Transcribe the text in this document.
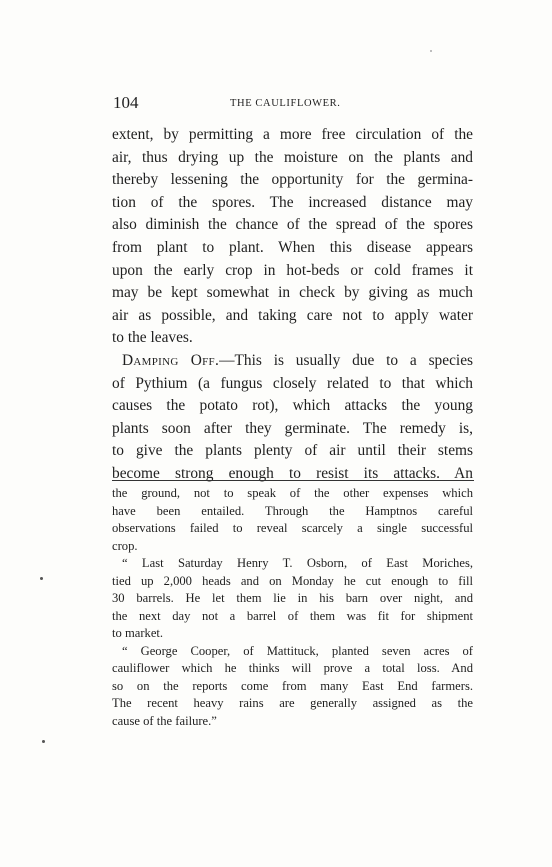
104	THE CAULIFLOWER.
extent, by permitting a more free circulation of the
air, thus drying up the moisture on the plants and
thereby lessening the opportunity for the germina-
tion of the spores. The increased distance may
also diminish the chance of the spread of the spores
from plant to plant. When this disease appears
upon the early crop in hot-beds or cold frames it
may be kept somewhat in check by giving as much
air as possible, and taking care not to apply water
to the leaves.
Damping Off.—This is usually due to a species
of Pythium (a fungus closely related to that which
causes the potato rot), which attacks the young
plants soon after they germinate. The remedy is,
to give the plants plenty of air until their stems
become strong enough to resist its attacks. An
the ground, not to speak of the other expenses which
have been entailed. Through the Hamptnos careful
observations failed to reveal scarcely a single successful
crop.
“ Last Saturday Henry T. Osborn, of East Moriches,
tied up 2,000 heads and on Monday he cut enough to fill
30 barrels. He let them lie in his barn over night, and
the next day not a barrel of them was fit for shipment
to market.
“ George Cooper, of Mattituck, planted seven acres of
cauliflower which he thinks will prove a total loss. And
so on the reports come from many East End farmers.
The recent heavy rains are generally assigned as the
cause of the failure.”
